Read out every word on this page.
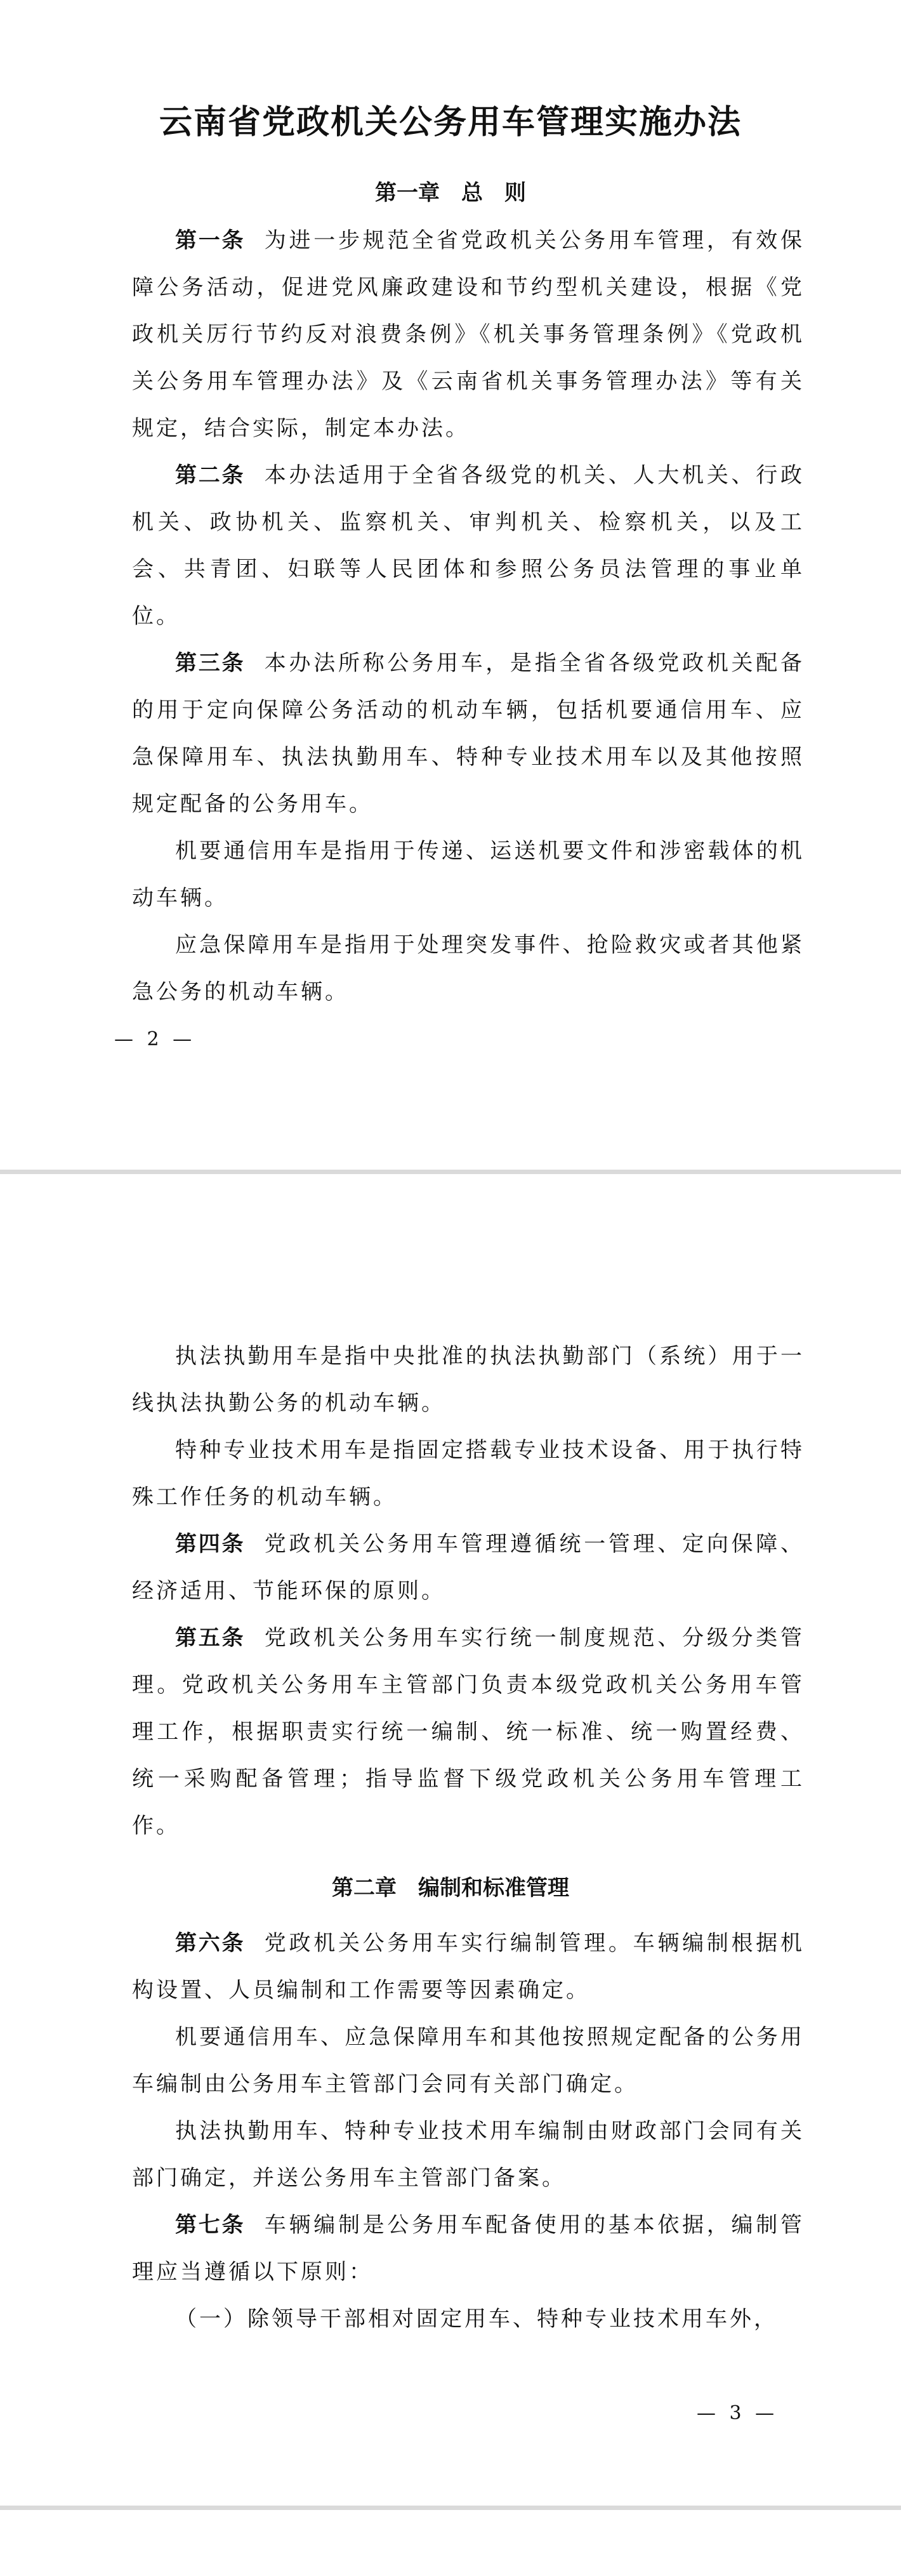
云南省党政机关公务用车管理实施办法
第一章　总　则

第一条 为进一步规范全省党政机关公务用车管理，有效保障公务活动，促进党风廉政建设和节约型机关建设，根据《党政机关厉行节约反对浪费条例》《机关事务管理条例》《党政机关公务用车管理办法》及《云南省机关事务管理办法》等有关规定，结合实际，制定本办法。

第二条 本办法适用于全省各级党的机关、人大机关、行政机关、政协机关、监察机关、审判机关、检察机关，以及工会、共青团、妇联等人民团体和参照公务员法管理的事业单位。

第三条 本办法所称公务用车，是指全省各级党政机关配备的用于定向保障公务活动的机动车辆，包括机要通信用车、应急保障用车、执法执勤用车、特种专业技术用车以及其他按照规定配备的公务用车。

机要通信用车是指用于传递、运送机要文件和涉密载体的机动车辆。

应急保障用车是指用于处理突发事件、抢险救灾或者其他紧急公务的机动车辆。

— 2 —

执法执勤用车是指中央批准的执法执勤部门（系统）用于一线执法执勤公务的机动车辆。

特种专业技术用车是指固定搭载专业技术设备、用于执行特殊工作任务的机动车辆。

第四条 党政机关公务用车管理遵循统一管理、定向保障、经济适用、节能环保的原则。

第五条 党政机关公务用车实行统一制度规范、分级分类管理。党政机关公务用车主管部门负责本级党政机关公务用车管理工作，根据职责实行统一编制、统一标准、统一购置经费、统一采购配备管理；指导监督下级党政机关公务用车管理工作。

第二章　编制和标准管理

第六条 党政机关公务用车实行编制管理。车辆编制根据机构设置、人员编制和工作需要等因素确定。

机要通信用车、应急保障用车和其他按照规定配备的公务用车编制由公务用车主管部门会同有关部门确定。

执法执勤用车、特种专业技术用车编制由财政部门会同有关部门确定，并送公务用车主管部门备案。

第七条 车辆编制是公务用车配备使用的基本依据，编制管理应当遵循以下原则：

（一）除领导干部相对固定用车、特种专业技术用车外，

— 3 —
